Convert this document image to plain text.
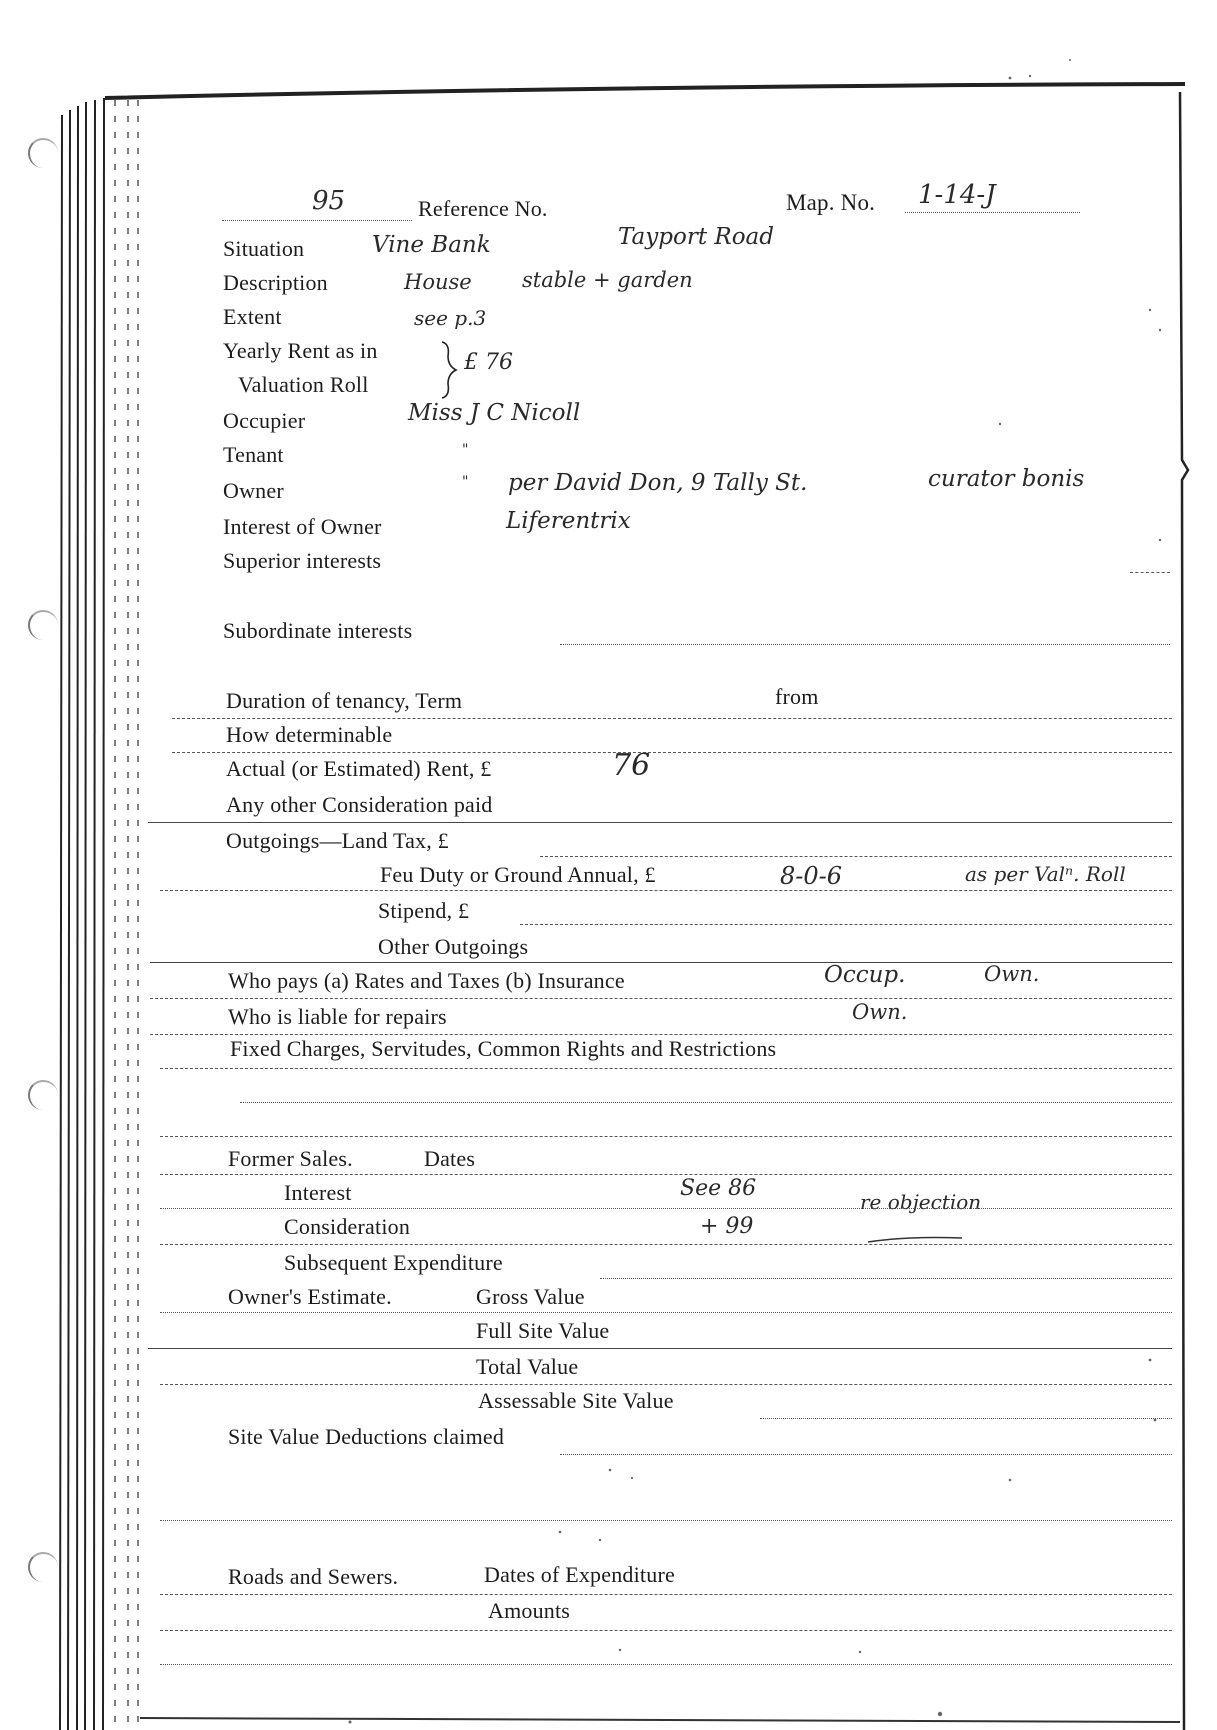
95	Reference No.	Map. No. 1-14-J
Situation	Vine Bank	Tayport Road
Description	House stable + garden
Extent	see p.3
Yearly Rent as in
Valuation Roll
£ 76
Occupier	Miss J C Nicoll
Tenant	"
Owner	" per David Don, 9 Tally St.	curator bonis
Interest of Owner	Liferentrix
Superior interests
Subordinate interests
Duration of tenancy, Term	from
How determinable
Actual (or Estimated) Rent, £	76
Any other Consideration paid
Outgoings—Land Tax, £
Feu Duty or Ground Annual, £	8-0-6	as per Valⁿ. Roll
Stipend, £
Other Outgoings
Who pays (a) Rates and Taxes (b) Insurance	Occup.	Own.
Who is liable for repairs	Own.
Fixed Charges, Servitudes, Common Rights and Restrictions
Former Sales.	Dates
Interest	See 86
re objection
Consideration	+ 99
Subsequent Expenditure
Owner's Estimate.	Gross Value
Full Site Value
Total Value
Assessable Site Value
Site Value Deductions claimed
Roads and Sewers.	Dates of Expenditure
Amounts
